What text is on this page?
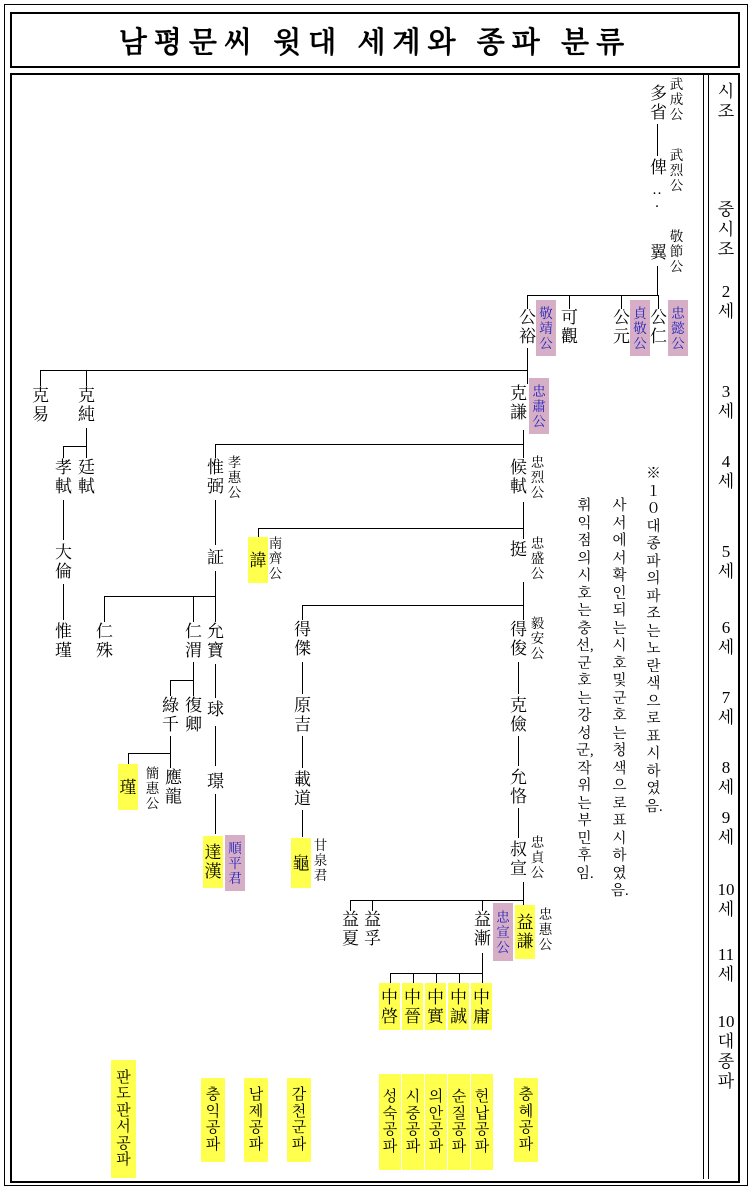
남평문씨 윗대 세계와 종파 분류
多省
俾
···
翼
公仁
公元
可觀
公裕
克易
克純
克謙
孝軾
廷軾
惟弼
候軾
大倫
証	挺
惟瑾
仁殊
仁渭
允寶
得傑
得俊
綠千
復卿
球	原吉
克儉
應龍
璟	載道
允恪
叔宣
益夏
益孚
益漸
諱
瑾
達漢	龜
益謙
中啓
中晉
中實
中誠
中庸
武成公
武烈公
敬節公
孝惠公
忠烈公
南齊公
忠盛公
毅安公
簡惠公
甘泉君
忠貞公
忠惠公
忠懿公
貞敬公
敬靖公
忠肅公
順平君
忠宣公
판도판서공파
충익공파
남제공파
감천군파
성숙공파
시중공파
의안공파
순질공파
헌납공파
충혜공파
※　１０대　종파의　파조는　노란색으로　표시하였음.
사서에서　확인되는　시호　및　군호는　청색으로　표시하였음.
휘　익점의　시호는　충선,　군호는　강성군,　작위는　부민후임.
시조
중시조
2세
3세
4세
5세
6세
7세
8세
9세
10세
11세
10대종파
